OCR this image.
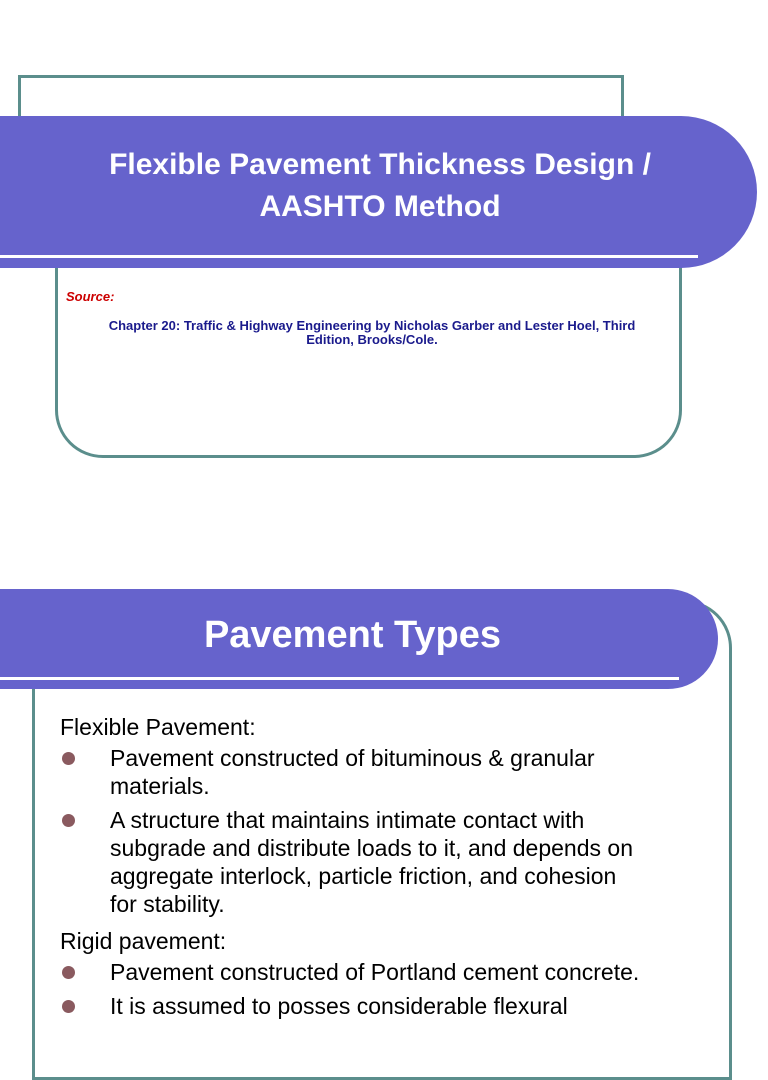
Flexible Pavement Thickness Design /
AASHTO Method

Source:

Chapter 20: Traffic & Highway Engineering by Nicholas Garber and Lester Hoel, Third
Edition, Brooks/Cole.

Pavement Types

Flexible Pavement:

Pavement constructed of bituminous & granular
materials.
A structure that maintains intimate contact with
subgrade and distribute loads to it, and depends on
aggregate interlock, particle friction, and cohesion
for stability.

Rigid pavement:

Pavement constructed of Portland cement concrete.
It is assumed to posses considerable flexural
